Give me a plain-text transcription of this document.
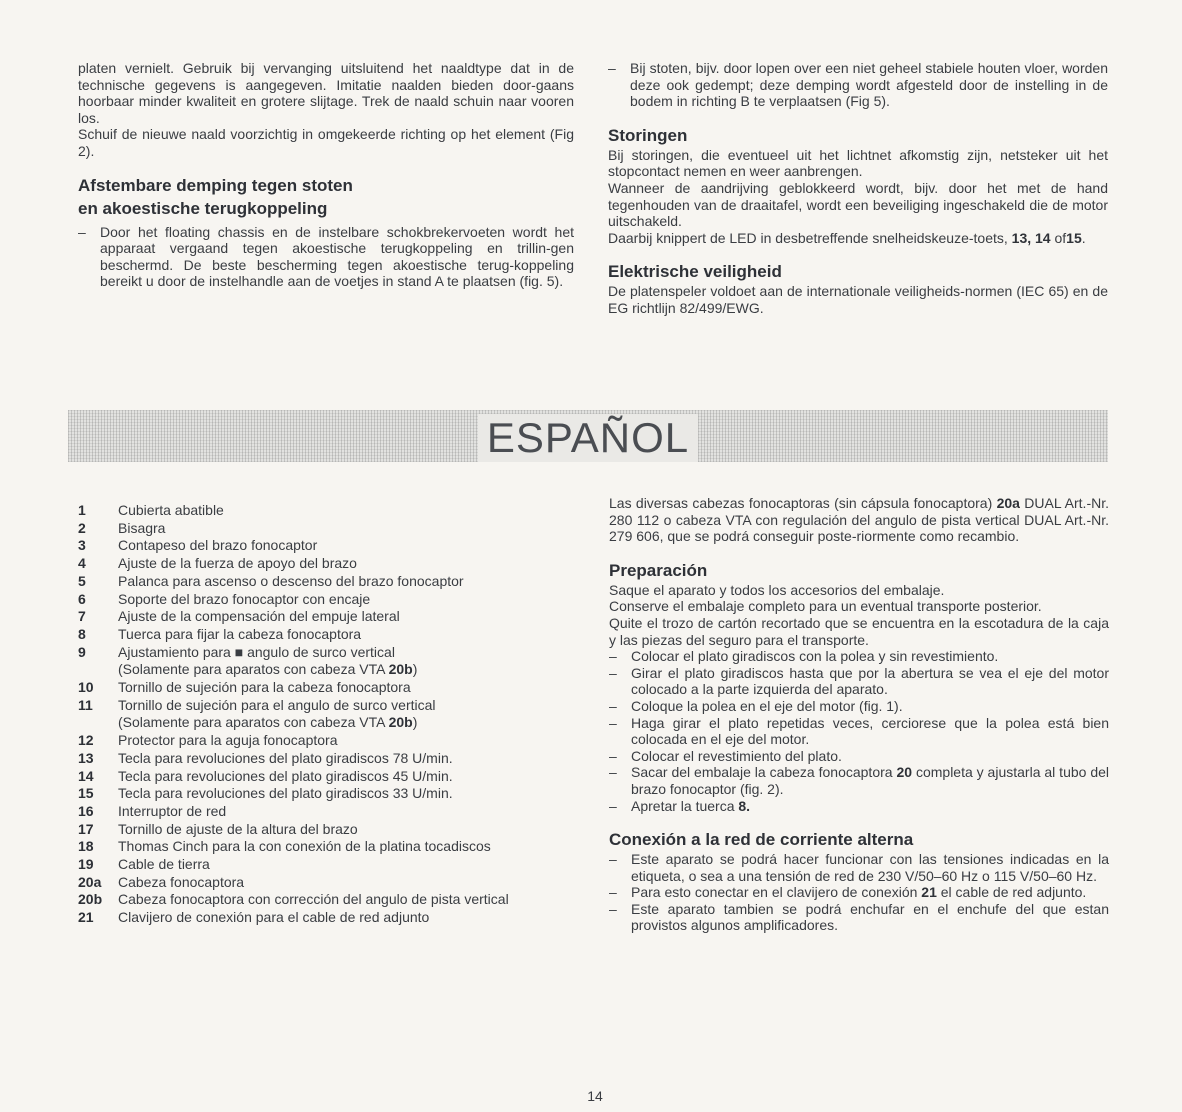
platen vernielt. Gebruik bij vervanging uitsluitend het naaldtype dat in de technische gegevens is aangegeven. Imitatie naalden bieden door-gaans hoorbaar minder kwaliteit en grotere slijtage. Trek de naald schuin naar vooren los.

Schuif de nieuwe naald voorzichtig in omgekeerde richting op het element (Fig 2).

Afstembare demping tegen stoten
en akoestische terugkoppeling
–	Door het floating chassis en de instelbare schokbrekervoeten wordt het apparaat vergaand tegen akoestische terugkoppeling en trillin-gen beschermd. De beste bescherming tegen akoestische terug-koppeling bereikt u door de instelhandle aan de voetjes in stand A te plaatsen (fig. 5).
–	Bij stoten, bijv. door lopen over een niet geheel stabiele houten vloer, worden deze ook gedempt; deze demping wordt afgesteld door de instelling in de bodem in richting B te verplaatsen (Fig 5).
Storingen

Bij storingen, die eventueel uit het lichtnet afkomstig zijn, netsteker uit het stopcontact nemen en weer aanbrengen.

Wanneer de aandrijving geblokkeerd wordt, bijv. door het met de hand tegenhouden van de draaitafel, wordt een beveiliging ingeschakeld die de motor uitschakeld.

Daarbij knippert de LED in desbetreffende snelheidskeuze-toets, 13, 14 of15.

Elektrische veiligheid

De platenspeler voldoet aan de internationale veiligheids-normen (IEC 65) en de EG richtlijn 82/499/EWG.

ESPAÑOL
1	Cubierta abatible
2	Bisagra
3	Contapeso del brazo fonocaptor
4	Ajuste de la fuerza de apoyo del brazo
5	Palanca para ascenso o descenso del brazo fonocaptor
6	Soporte del brazo fonocaptor con encaje
7	Ajuste de la compensación del empuje lateral
8	Tuerca para fijar la cabeza fonocaptora
9	Ajustamiento para ■ angulo de surco vertical
(Solamente para aparatos con cabeza VTA 20b)
10	Tornillo de sujeción para la cabeza fonocaptora
11	Tornillo de sujeción para el angulo de surco vertical
(Solamente para aparatos con cabeza VTA 20b)
12	Protector para la aguja fonocaptora
13	Tecla para revoluciones del plato giradiscos 78 U/min.
14	Tecla para revoluciones del plato giradiscos 45 U/min.
15	Tecla para revoluciones del plato giradiscos 33 U/min.
16	Interruptor de red
17	Tornillo de ajuste de la altura del brazo
18	Thomas Cinch para la con conexión de la platina tocadiscos
19	Cable de tierra
20a	Cabeza fonocaptora
20b	Cabeza fonocaptora con corrección del angulo de pista vertical
21	Clavijero de conexión para el cable de red adjunto

Las diversas cabezas fonocaptoras (sin cápsula fonocaptora) 20a DUAL Art.-Nr. 280 112 o cabeza VTA con regulación del angulo de pista vertical DUAL Art.-Nr. 279 606, que se podrá conseguir poste-riormente como recambio.

Preparación

Saque el aparato y todos los accesorios del embalaje.

Conserve el embalaje completo para un eventual transporte posterior.

Quite el trozo de cartón recortado que se encuentra en la escotadura de la caja y las piezas del seguro para el transporte.

–	Colocar el plato giradiscos con la polea y sin revestimiento.
–	Girar el plato giradiscos hasta que por la abertura se vea el eje del motor colocado a la parte izquierda del aparato.
–	Coloque la polea en el eje del motor (fig. 1).
–	Haga girar el plato repetidas veces, cerciorese que la polea está bien colocada en el eje del motor.
–	Colocar el revestimiento del plato.
–	Sacar del embalaje la cabeza fonocaptora 20 completa y ajustarla al tubo del brazo fonocaptor (fig. 2).
–	Apretar la tuerca 8.
Conexión a la red de corriente alterna
–	Este aparato se podrá hacer funcionar con las tensiones indicadas en la etiqueta, o sea a una tensión de red de 230 V/50–60 Hz o 115 V/50–60 Hz.
–	Para esto conectar en el clavijero de conexión 21 el cable de red adjunto.
–	Este aparato tambien se podrá enchufar en el enchufe del que estan provistos algunos amplificadores.
14
